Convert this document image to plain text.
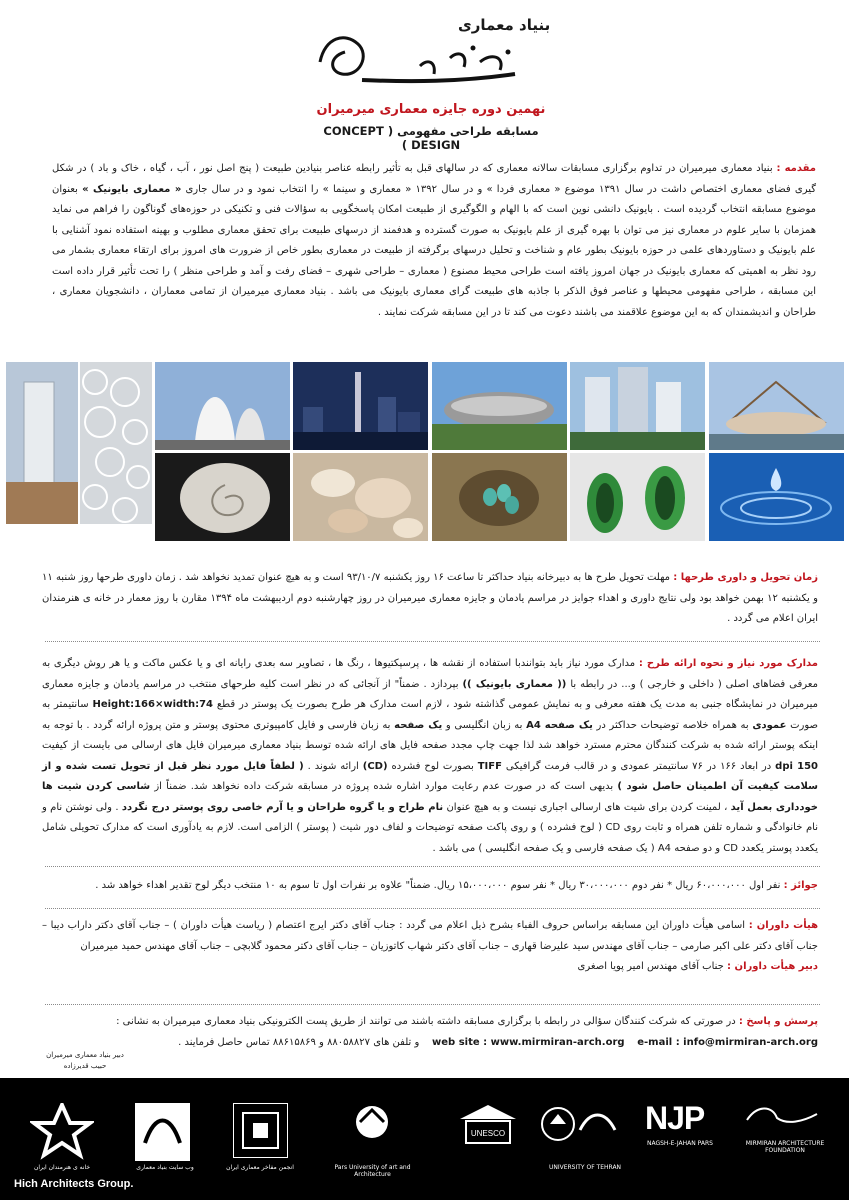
بنیاد معماری
نهمین دوره جایزه معماری میرمیران
مسابقه طراحی مفهومی ( CONCEPT DESIGN )
مقدمه : بنیاد معماری میرمیران در تداوم برگزاری مسابقات سالانه معماری که در سالهای قبل به تأثیر رابطه عناصر بنیادین طبیعت ( پنج اصل نور ، آب ، گیاه ، خاک و باد ) در شکل گیری فضای معماری اختصاص داشت در سال ۱۳۹۱ موضوع « معماری فردا » و در سال ۱۳۹۲ « معماری و سینما » را انتخاب نمود و در سال جاری « معماری بایونیک » بعنوان موضوع مسابقه انتخاب گردیده است . بایونیک دانشی نوین است که با الهام و الگوگیری از طبیعت امکان پاسخگویی به سؤالات فنی و تکنیکی در حوزه‌های گوناگون را فراهم می نماید همزمان با سایر علوم در معماری نیز می توان با بهره گیری از علم بایونیک به صورت گسترده و هدفمند از درسهای طبیعت برای تحقق معماری مطلوب و بهینه استفاده نمود آشنایی با علم بایونیک و دستاوردهای علمی در حوزه بایونیک بطور عام و شناخت و تحلیل درسهای برگرفته از طبیعت در معماری بطور خاص از ضرورت های امروز برای ارتقاء معماری بشمار می رود نظر به اهمیتی که معماری بایونیک در جهان امروز یافته است طراحی محیط مصنوع ( معماری – طراحی شهری – فضای رفت و آمد و طراحی منظر ) را تحت تأثیر قرار داده است این مسابقه ، طراحی مفهومی محیطها و عناصر فوق الذکر با جاذبه های طبیعت گرای معماری بایونیک می باشد . بنیاد معماری میرمیران از تمامی معماران ، دانشجویان معماری ، طراحان و اندیشمندان که به این موضوع علاقمند می باشند دعوت می کند تا در این مسابقه شرکت نمایند .
زمان تحویل و داوری طرحها : مهلت تحویل طرح ها به دبیرخانه بنیاد حداکثر تا ساعت ۱۶ روز یکشنبه ۹۳/۱۰/۷ است و به هیچ عنوان تمدید نخواهد شد . زمان داوری طرحها روز شنبه ۱۱ و یکشنبه ۱۲ بهمن خواهد بود ولی نتایج داوری و اهداء جوایز در مراسم یادمان و جایزه معماری میرمیران در روز چهارشنبه دوم اردیبهشت ماه ۱۳۹۴ مقارن با روز معمار در خانه ی هنرمندان ایران اعلام می گردد .
مدارک مورد نیاز و نحوه ارائه طرح : مدارک مورد نیاز باید بتوانندبا استفاده از نقشه ها ، پرسپکتیوها ، رنگ ها ، تصاویر سه بعدی رایانه ای و یا عکس ماکت و یا هر روش دیگری به معرفی فضاهای اصلی ( داخلی و خارجی ) و... در رابطه با (( معماری بایونیک )) بپردازد . ضمناً" از آنجائی که در نظر است کلیه طرحهای منتخب در مراسم یادمان و جایزه معماری میرمیران در نمایشگاه جنبی به مدت یک هفته معرفی و به نمایش عمومی گذاشته شود ، لازم است مدارک هر طرح بصورت یک پوستر در قطع Height:166×width:74 سانتیمتر به صورت عمودی به همراه خلاصه توضیحات حداکثر در یک صفحه A4 به زبان انگلیسی و یک صفحه به زبان فارسی و فایل کامپیوتری محتوی پوستر و متن پروژه ارائه گردد . با توجه به اینکه پوستر ارائه شده به شرکت کنندگان محترم مسترد خواهد شد لذا جهت چاپ مجدد صفحه فایل های ارائه شده توسط بنیاد معماری میرمیران فایل های ارسالی می بایست از کیفیت 150 dpi در ابعاد ۱۶۶ در ۷۶ سانتیمتر عمودی و در قالب فرمت گرافیکی TIFF بصورت لوح فشرده (CD) ارائه شوند . ( لطفاً فایل مورد نظر قبل از تحویل تست شده و از سلامت کیفیت آن اطمینان حاصل شود ) بدیهی است که در صورت عدم رعایت موارد اشاره شده پروژه در مسابقه شرکت داده نخواهد شد. ضمناً از شاسی کردن شیت ها خودداری بعمل آید ، لمینت کردن برای شیت های ارسالی اجباری نیست و به هیچ عنوان نام طراح و یا گروه طراحان و یا آرم خاصی روی پوستر درج نگردد . ولی نوشتن نام و نام خانوادگی و شماره تلفن همراه و ثابت روی CD ( لوح فشرده ) و روی پاکت صفحه توضیحات و لفاف دور شیت ( پوستر ) الزامی است. لازم به یادآوری است که مدارک تحویلی شامل یکعدد پوستر یکعدد CD و دو صفحه A4 ( یک صفحه فارسی و یک صفحه انگلیسی ) می باشد .
جوائز : نفر اول ۶۰،۰۰۰،۰۰۰ ریال * نفر دوم ۳۰،۰۰۰،۰۰۰ ریال * نفر سوم ۱۵،۰۰۰،۰۰۰ ریال. ضمناً" علاوه بر نفرات اول تا سوم به ۱۰ منتخب دیگر لوح تقدیر اهداء خواهد شد .
هیأت داوران : اسامی هیأت داوران این مسابقه براساس حروف الفباء بشرح ذیل اعلام می گردد : جناب آقای دکتر ایرج اعتصام ( ریاست هیأت داوران ) – جناب آقای دکتر داراب دیبا – جناب آقای دکتر علی اکبر صارمی – جناب آقای مهندس سید علیرضا قهاری – جناب آقای دکتر شهاب کاتوزیان – جناب آقای دکتر محمود گلابچی – جناب آقای مهندس حمید میرمیران
دبیر هیأت داوران : جناب آقای مهندس امیر پویا اصغری
پرسش و پاسخ : در صورتی که شرکت کنندگان سؤالی در رابطه با برگزاری مسابقه داشته باشند می توانند از طریق پست الکترونیکی بنیاد معماری میرمیران به نشانی :
web site : www.mirmiran-arch.org e-mail : info@mirmiran-arch.org    و تلفن های ۸۸۰۵۸۸۲۷ و ۸۸۶۱۵۸۶۹ تماس حاصل فرمایند .
دبیر بنیاد معماری میرمیران
حبیب قدیرزاده
خانه ی هنرمندان ایران	وب سایت بنیاد معماری	انجمن مفاخر معماری ایران	Pars University of art and Architecture
UNESCO
UNIVERSITY OF TEHRAN
NJP
NAGSH-E-JAHAN PARS	MIRMIRAN ARCHITECTURE FOUNDATION
Hich Architects Group.
